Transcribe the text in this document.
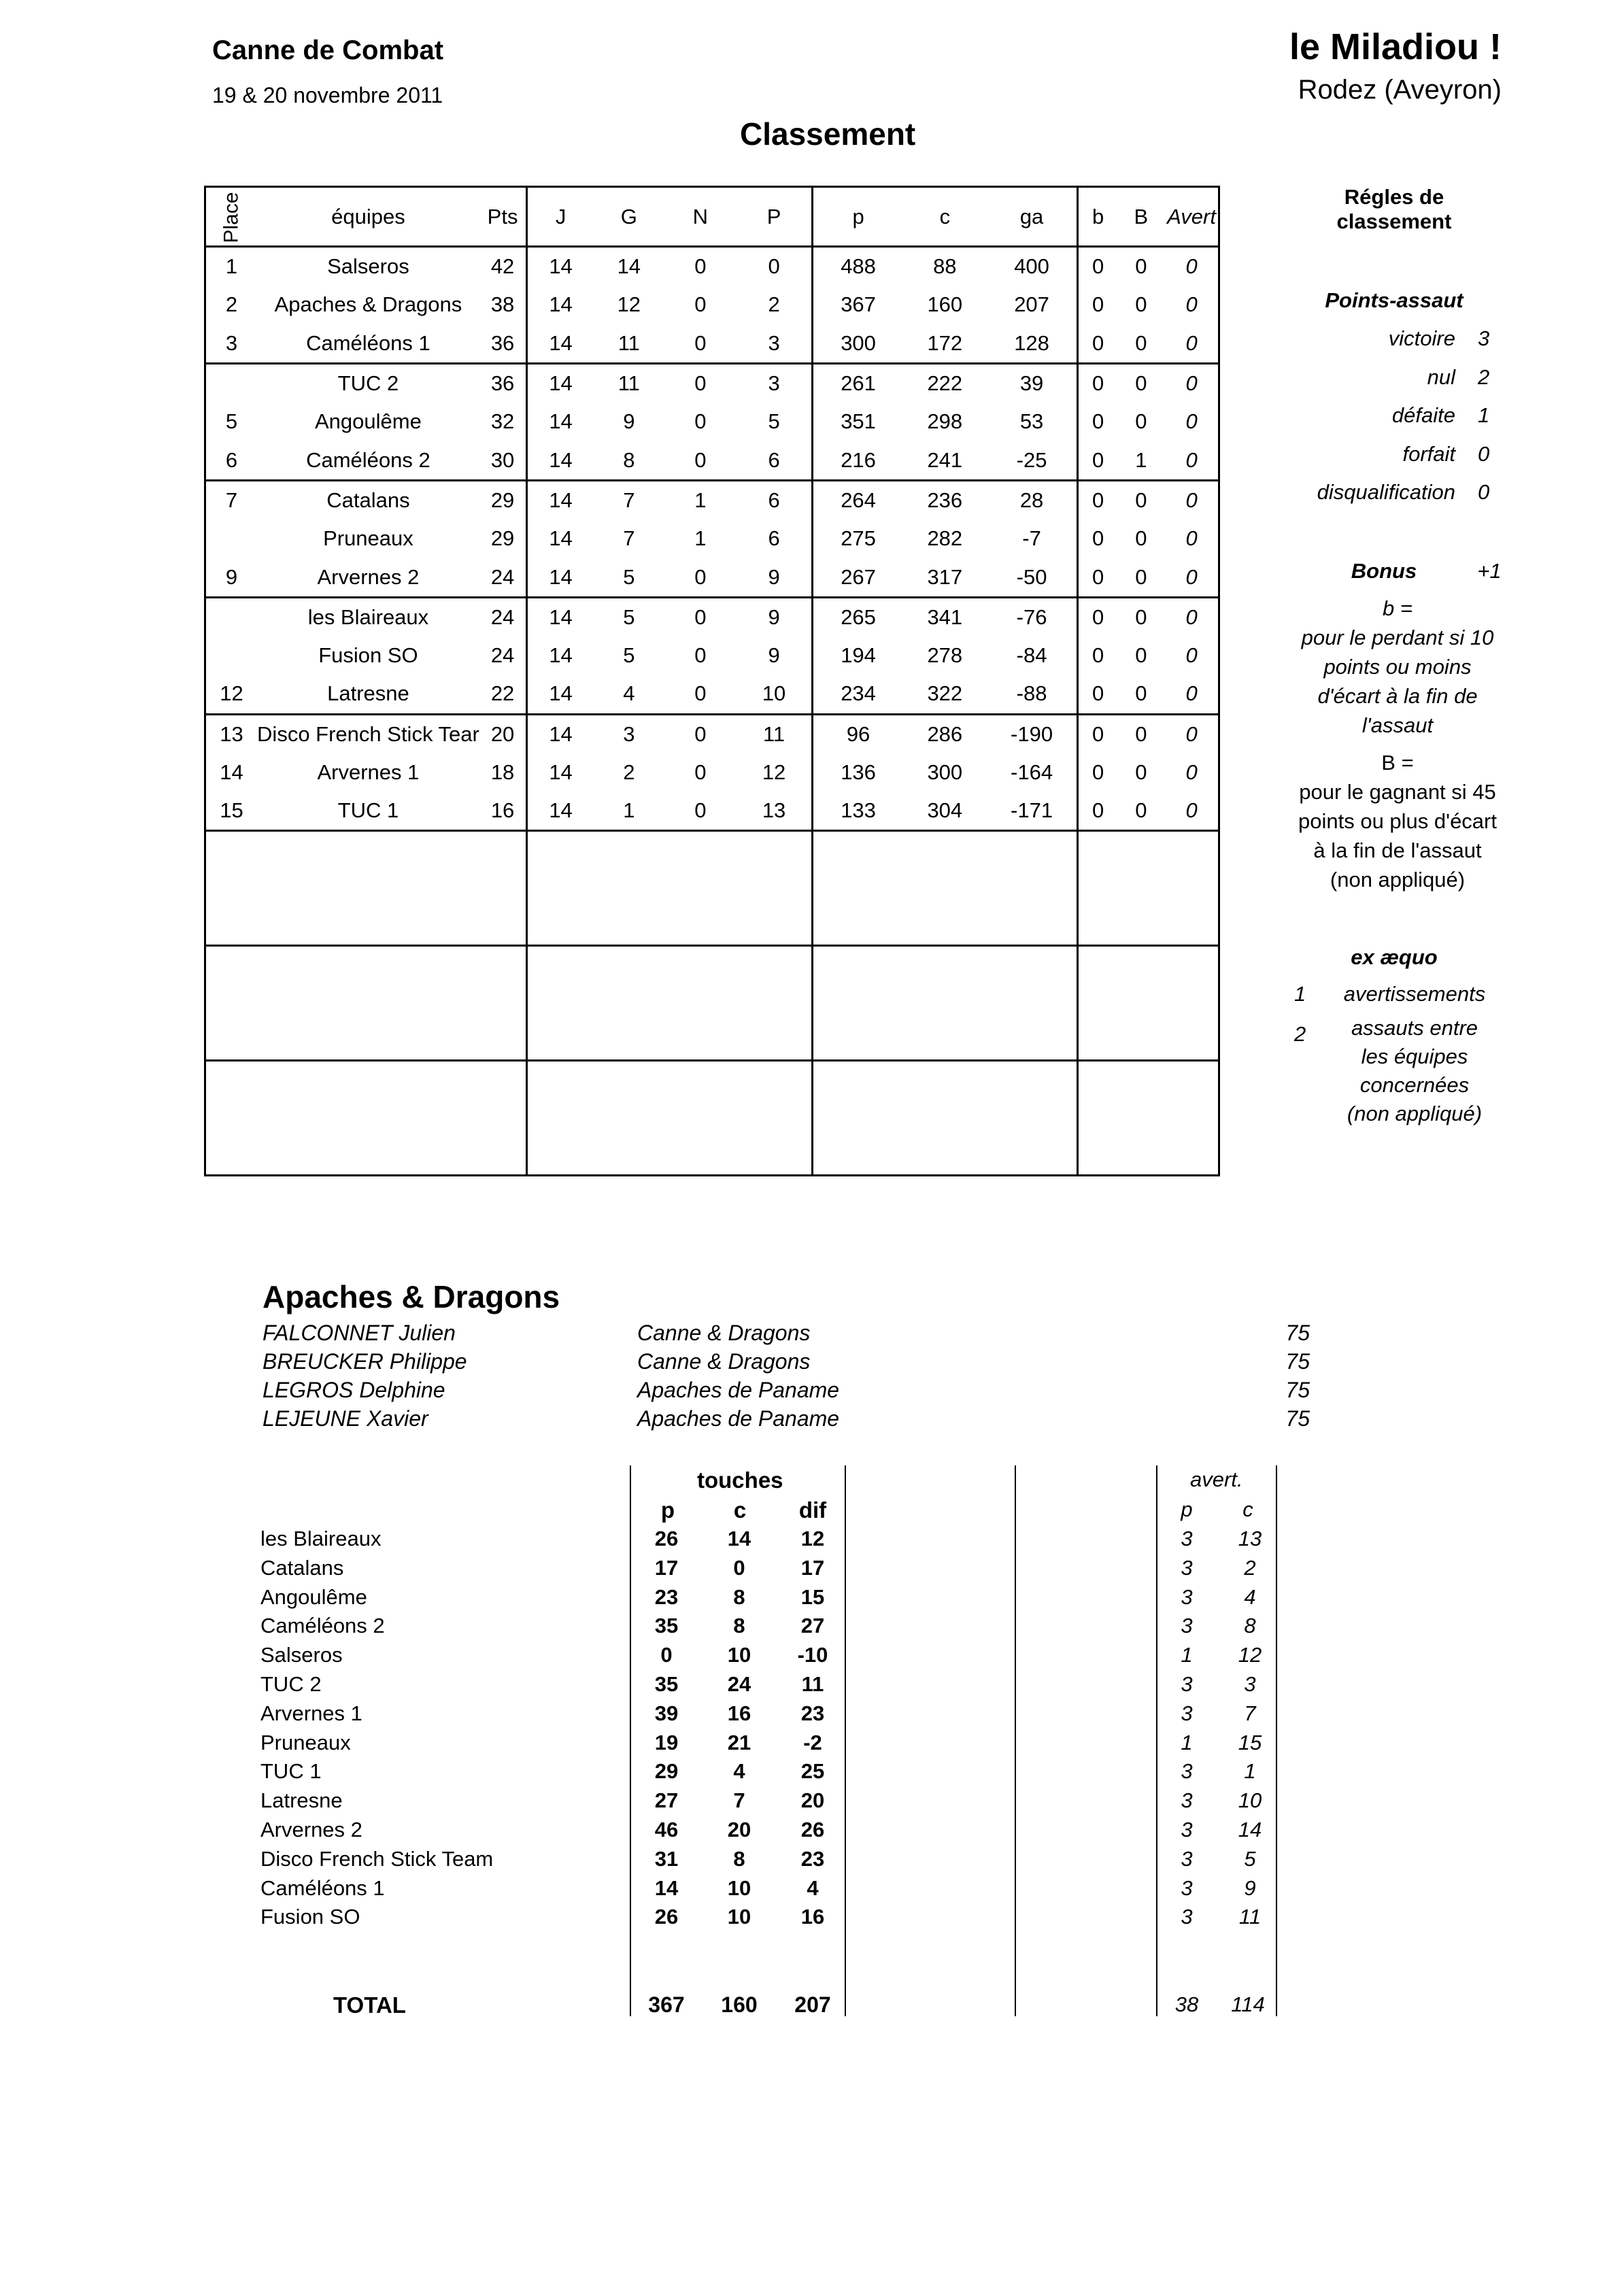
Canne de Combat
19 & 20 novembre 2011
le Miladiou !
Rodez (Aveyron)
Classement
Place	équipes	Pts	J	G	N	P	p	c	ga	b	B	Avert
1	Salseros	42	14	14	0	0	488	88	400	0	0	0
2	Apaches & Dragons	38	14	12	0	2	367	160	207	0	0	0
3	Caméléons 1	36	14	11	0	3	300	172	128	0	0	0
	TUC 2	36	14	11	0	3	261	222	39	0	0	0
5	Angoulême	32	14	9	0	5	351	298	53	0	0	0
6	Caméléons 2	30	14	8	0	6	216	241	-25	0	1	0
7	Catalans	29	14	7	1	6	264	236	28	0	0	0
	Pruneaux	29	14	7	1	6	275	282	-7	0	0	0
9	Arvernes 2	24	14	5	0	9	267	317	-50	0	0	0
	les Blaireaux	24	14	5	0	9	265	341	-76	0	0	0
	Fusion SO	24	14	5	0	9	194	278	-84	0	0	0
12	Latresne	22	14	4	0	10	234	322	-88	0	0	0
13	Disco French Stick Tear	20	14	3	0	11	96	286	-190	0	0	0
14	Arvernes 1	18	14	2	0	12	136	300	-164	0	0	0
15	TUC 1	16	14	1	0	13	133	304	-171	0	0	0

Régles de
classement
Points-assaut
victoire 3
nul 2
défaite 1
forfait 0
disqualification 0
Bonus	+1
b =
pour le perdant si 10
points ou moins
d'écart à la fin de
l'assaut
B =
pour le gagnant si 45
points ou plus d'écart
à la fin de l'assaut
(non appliqué)
ex æquo
1	avertissements
2	assauts entre
les équipes
concernées
(non appliqué)
Apaches & Dragons
FALCONNET Julien	Canne & Dragons	75
BREUCKER Philippe	Canne & Dragons	75
LEGROS Delphine	Apaches de Paname	75
LEJEUNE Xavier	Apaches de Paname	75
touches	avert.
p	c	dif	p	c
les Blaireaux	26	14	12	3	13
Catalans	17	0	17	3	2
Angoulême	23	8	15	3	4
Caméléons 2	35	8	27	3	8
Salseros	0	10	-10	1	12
TUC 2	35	24	11	3	3
Arvernes 1	39	16	23	3	7
Pruneaux	19	21	-2	1	15
TUC 1	29	4	25	3	1
Latresne	27	7	20	3	10
Arvernes 2	46	20	26	3	14
Disco French Stick Team	31	8	23	3	5
Caméléons 1	14	10	4	3	9
Fusion SO	26	10	16	3	11
TOTAL	367 160	207	38	114
